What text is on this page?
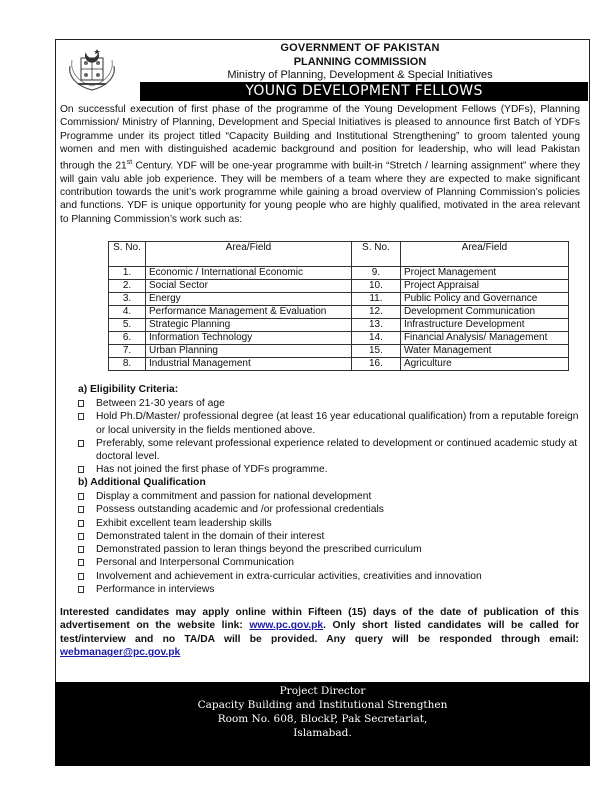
GOVERNMENT OF PAKISTAN
PLANNING COMMISSION
Ministry of Planning, Development & Special Initiatives
YOUNG DEVELOPMENT FELLOWS
On successful execution of first phase of the programme of the Young Development Fellows (YDFs), Planning Commission/ Ministry of Planning, Development and Special Initiatives is pleased to announce first Batch of YDFs Programme under its project titled “Capacity Building and Institutional Strengthening” to groom talented young women and men with distinguished academic background and position for leadership, who will lead Pakistan through the 21st Century. YDF will be one-year programme with built-in “Stretch / learning assignment” where they will gain valu able job experience. They will be members of a team where they are expected to make significant contribution towards the unit’s work programme while gaining a broad overview of Planning Commission’s policies and functions. YDF is unique opportunity for young people who are highly qualified, motivated in the area relevant to Planning Commission’s work such as:
S. No.	Area/Field	S. No.	Area/Field
1.	Economic / International Economic	9.	Project Management
2.	Social Sector	10.	Project Appraisal
3.	Energy	11.	Public Policy and Governance
4.	Performance Management & Evaluation	12.	Development Communication
5.	Strategic Planning	13.	Infrastructure Development
6.	Information Technology	14.	Financial Analysis/ Management
7.	Urban Planning	15.	Water Management
8.	Industrial Management	16.	Agriculture
a) Eligibility Criteria:
Between 21-30 years of age
Hold Ph.D/Master/ professional degree (at least 16 year educational qualification) from a reputable foreign or local university in the fields mentioned above.
Preferably, some relevant professional experience related to development or continued academic study at doctoral level.
Has not joined the first phase of YDFs programme.
b) Additional Qualification
Display a commitment and passion for national development
Possess outstanding academic and /or professional credentials
Exhibit excellent team leadership skills
Demonstrated talent in the domain of their interest
Demonstrated passion to leran things beyond the prescribed curriculum
Personal and Interpersonal Communication
Involvement and achievement in extra-curricular activities, creativities and innovation
Performance in interviews
Interested candidates may apply online within Fifteen (15) days of the date of publication of this advertisement on the website link: www.pc.gov.pk. Only short listed candidates will be called for test/interview and no TA/DA will be provided. Any query will be responded through email: webmanager@pc.gov.pk
Project Director
Capacity Building and Institutional Strengthen
Room No. 608, BlockP, Pak Secretariat,
Islamabad.
